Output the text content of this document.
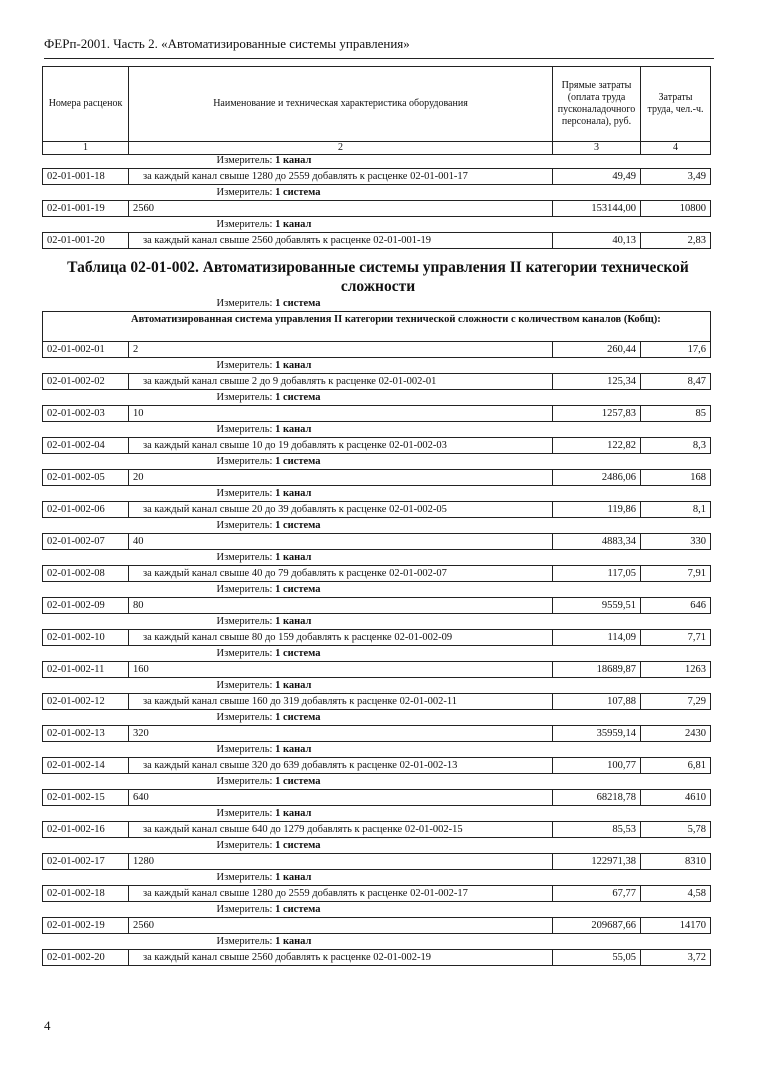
ФЕРп-2001. Часть 2. «Автоматизированные системы управления»
Номера расценок	Наименование и техническая характеристика оборудования	Прямые затраты (оплата труда пусконаладочного персонала), руб.	Затраты труда, чел.-ч.
1	2	3	4
	Измеритель: 1 канал		
02-01-001-18	за каждый канал свыше 1280 до 2559 добавлять к расценке 02-01-001-17	49,49	3,49
	Измеритель: 1 система		
02-01-001-19	2560	153144,00	10800
	Измеритель: 1 канал		
02-01-001-20	за каждый канал свыше 2560 добавлять к расценке 02-01-001-19	40,13	2,83
Таблица 02-01-002. Автоматизированные системы управления II категории технической сложности
	Измеритель: 1 система		
Автоматизированная система управления II категории технической сложности с количеством каналов (Кобщ):			
02-01-002-01	2	260,44	17,6
	Измеритель: 1 канал		
02-01-002-02	за каждый канал свыше 2 до 9 добавлять к расценке 02-01-002-01	125,34	8,47
	Измеритель: 1 система		
02-01-002-03	10	1257,83	85
	Измеритель: 1 канал		
02-01-002-04	за каждый канал свыше 10 до 19 добавлять к расценке 02-01-002-03	122,82	8,3
	Измеритель: 1 система		
02-01-002-05	20	2486,06	168
	Измеритель: 1 канал		
02-01-002-06	за каждый канал свыше 20 до 39 добавлять к расценке 02-01-002-05	119,86	8,1
	Измеритель: 1 система		
02-01-002-07	40	4883,34	330
	Измеритель: 1 канал		
02-01-002-08	за каждый канал свыше 40 до 79 добавлять к расценке 02-01-002-07	117,05	7,91
	Измеритель: 1 система		
02-01-002-09	80	9559,51	646
	Измеритель: 1 канал		
02-01-002-10	за каждый канал свыше 80 до 159 добавлять к расценке 02-01-002-09	114,09	7,71
	Измеритель: 1 система		
02-01-002-11	160	18689,87	1263
	Измеритель: 1 канал		
02-01-002-12	за каждый канал свыше 160 до 319 добавлять к расценке 02-01-002-11	107,88	7,29
	Измеритель: 1 система		
02-01-002-13	320	35959,14	2430
	Измеритель: 1 канал		
02-01-002-14	за каждый канал свыше 320 до 639 добавлять к расценке 02-01-002-13	100,77	6,81
	Измеритель: 1 система		
02-01-002-15	640	68218,78	4610
	Измеритель: 1 канал		
02-01-002-16	за каждый канал свыше 640 до 1279 добавлять к расценке 02-01-002-15	85,53	5,78
	Измеритель: 1 система		
02-01-002-17	1280	122971,38	8310
	Измеритель: 1 канал		
02-01-002-18	за каждый канал свыше 1280 до 2559 добавлять к расценке 02-01-002-17	67,77	4,58
	Измеритель: 1 система		
02-01-002-19	2560	209687,66	14170
	Измеритель: 1 канал		
02-01-002-20	за каждый канал свыше 2560 добавлять к расценке 02-01-002-19	55,05	3,72
4
